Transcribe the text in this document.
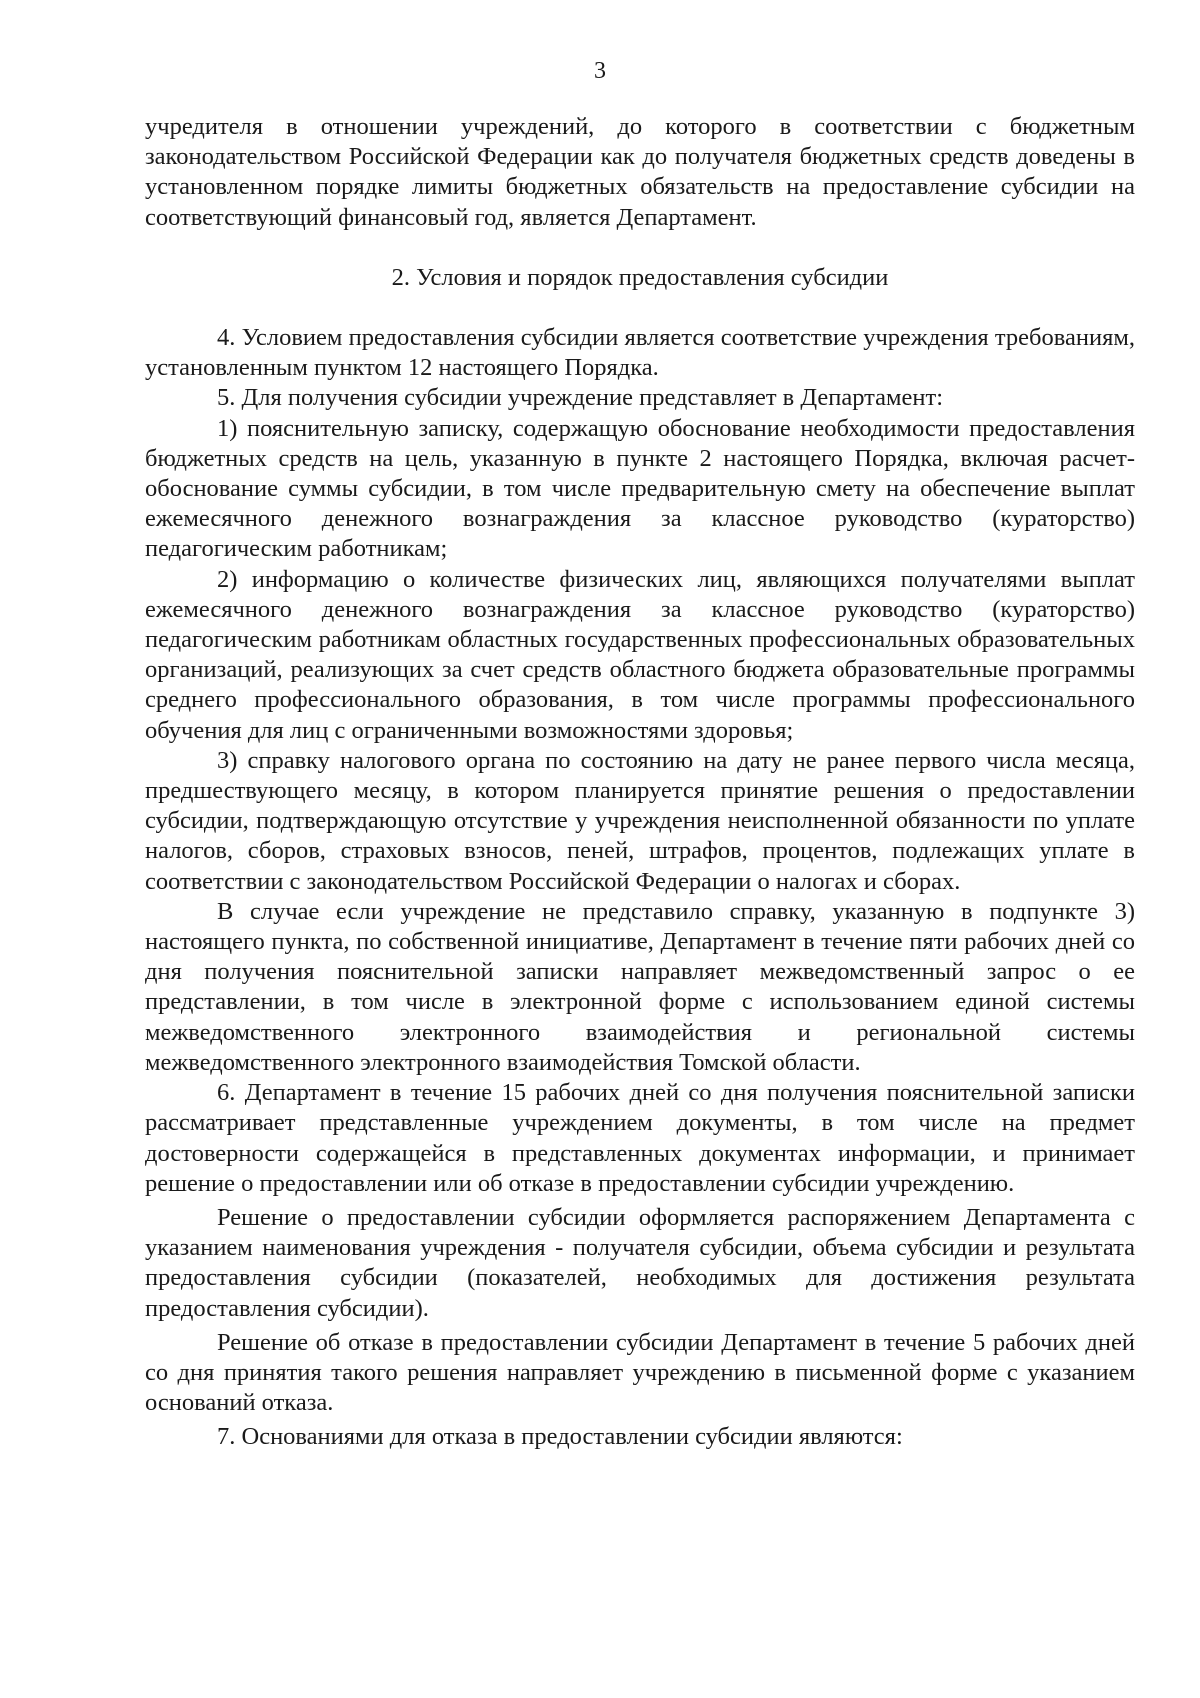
3

учредителя в отношении учреждений, до которого в соответствии с бюджетным законодательством Российской Федерации как до получателя бюджетных средств доведены в установленном порядке лимиты бюджетных обязательств на предоставление субсидии на соответствующий финансовый год, является Департамент.

2. Условия и порядок предоставления субсидии

4. Условием предоставления субсидии является соответствие учреждения требованиям, установленным пунктом 12 настоящего Порядка.

5. Для получения субсидии учреждение представляет в Департамент:

1) пояснительную записку, содержащую обоснование необходимости предоставления бюджетных средств на цель, указанную в пункте 2 настоящего Порядка, включая расчет-обоснование суммы субсидии, в том числе предварительную смету на обеспечение выплат ежемесячного денежного вознаграждения за классное руководство (кураторство) педагогическим работникам;

2) информацию о количестве физических лиц, являющихся получателями выплат ежемесячного денежного вознаграждения за классное руководство (кураторство) педагогическим работникам областных государственных профессиональных образовательных организаций, реализующих за счет средств областного бюджета образовательные программы среднего профессионального образования, в том числе программы профессионального обучения для лиц с ограниченными возможностями здоровья;

3) справку налогового органа по состоянию на дату не ранее первого числа месяца, предшествующего месяцу, в котором планируется принятие решения о предоставлении субсидии, подтверждающую отсутствие у учреждения неисполненной обязанности по уплате налогов, сборов, страховых взносов, пеней, штрафов, процентов, подлежащих уплате в соответствии с законодательством Российской Федерации о налогах и сборах.

В случае если учреждение не представило справку, указанную в подпункте 3) настоящего пункта, по собственной инициативе, Департамент в течение пяти рабочих дней со дня получения пояснительной записки направляет межведомственный запрос о ее представлении, в том числе в электронной форме с использованием единой системы межведомственного электронного взаимодействия и региональной системы межведомственного электронного взаимодействия Томской области.

6. Департамент в течение 15 рабочих дней со дня получения пояснительной записки рассматривает представленные учреждением документы, в том числе на предмет достоверности содержащейся в представленных документах информации, и принимает решение о предоставлении или об отказе в предоставлении субсидии учреждению.

Решение о предоставлении субсидии оформляется распоряжением Департамента с указанием наименования учреждения - получателя субсидии, объема субсидии и результата предоставления субсидии (показателей, необходимых для достижения результата предоставления субсидии).

Решение об отказе в предоставлении субсидии Департамент в течение 5 рабочих дней со дня принятия такого решения направляет учреждению в письменной форме с указанием оснований отказа.

7. Основаниями для отказа в предоставлении субсидии являются:
